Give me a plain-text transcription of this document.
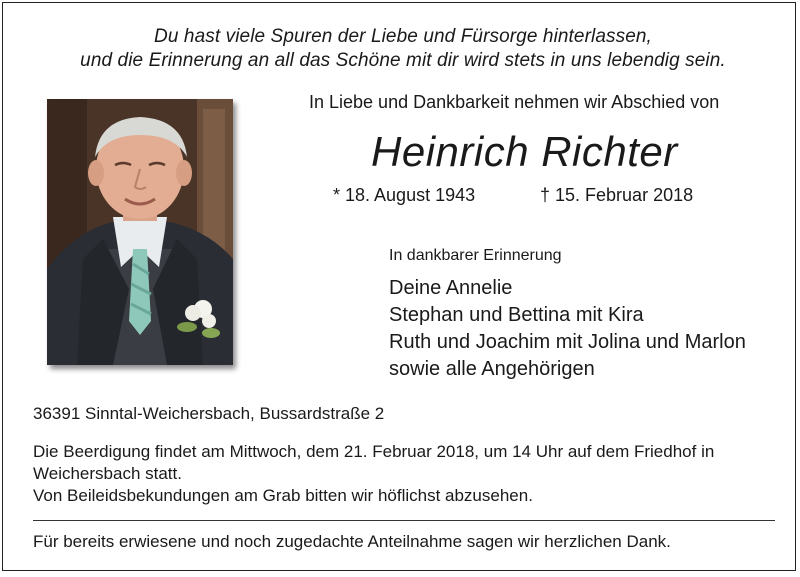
Du hast viele Spuren der Liebe und Fürsorge hinterlassen,
und die Erinnerung an all das Schöne mit dir wird stets in uns lebendig sein.
In Liebe und Dankbarkeit nehmen wir Abschied von
Heinrich Richter
* 18. August 1943	† 15. Februar 2018
In dankbarer Erinnerung
Deine Annelie
Stephan und Bettina mit Kira
Ruth und Joachim mit Jolina und Marlon
sowie alle Angehörigen
36391 Sinntal-Weichersbach, Bussardstraße 2
Die Beerdigung findet am Mittwoch, dem 21. Februar 2018, um 14 Uhr auf dem Friedhof in
Weichersbach statt.
Von Beileidsbekundungen am Grab bitten wir höflichst abzusehen.
Für bereits erwiesene und noch zugedachte Anteilnahme sagen wir herzlichen Dank.
